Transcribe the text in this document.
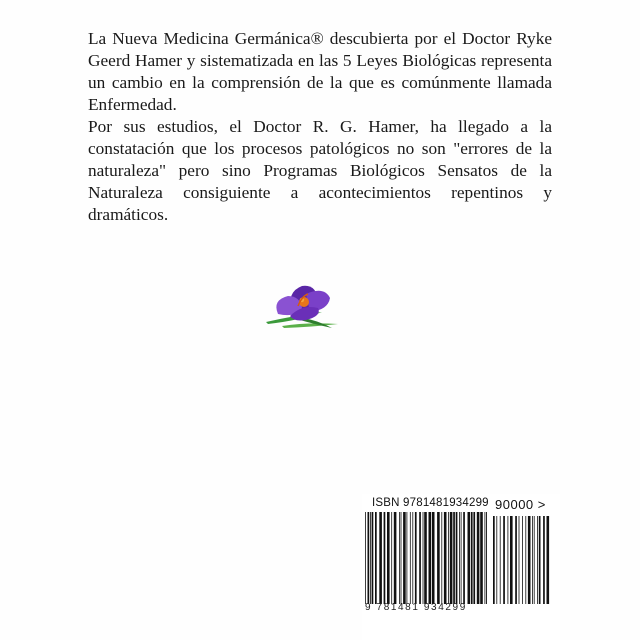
La Nueva Medicina Germánica® descubierta por el Doctor Ryke Geerd Hamer y sistematizada en las 5 Leyes Biológicas representa un cambio en la comprensión de la que es comúnmente llamada Enfermedad.

Por sus estudios, el Doctor R. G. Hamer, ha llegado a la constatación que los procesos patológicos no son "errores de la naturaleza" pero sino Programas Biológicos Sensatos de la Naturaleza consiguiente a acontecimientos repentinos y dramáticos.

ISBN 9781481934299 90000 >
9 781481 934299
